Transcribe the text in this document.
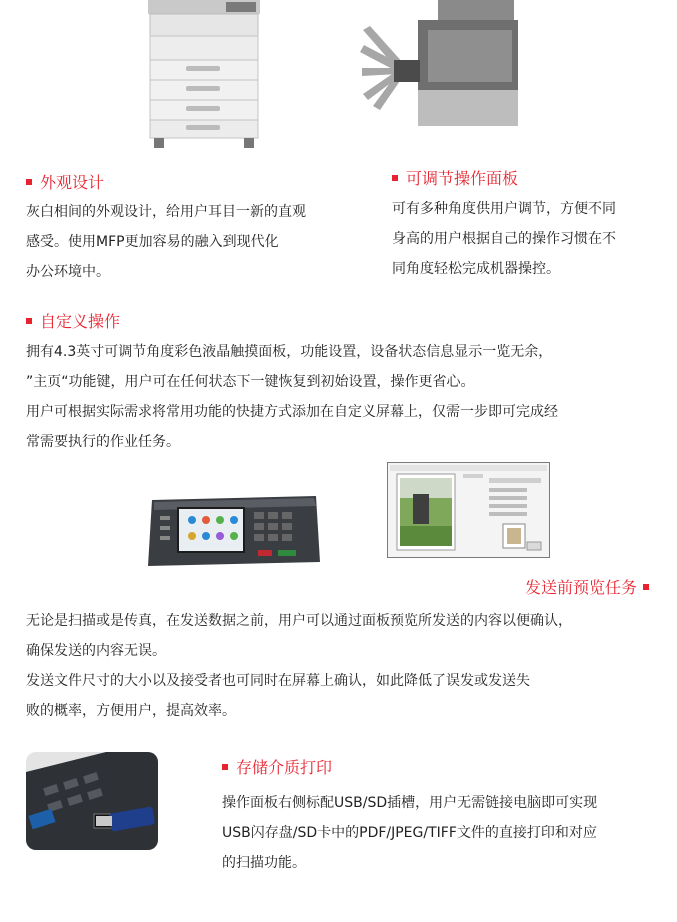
外观设计
灰白相间的外观设计，给用户耳目一新的直观
感受。使用MFP更加容易的融入到现代化
办公环境中。
可调节操作面板
可有多种角度供用户调节，方便不同
身高的用户根据自己的操作习惯在不
同角度轻松完成机器操控。
自定义操作
拥有4.3英寸可调节角度彩色液晶触摸面板，功能设置，设备状态信息显示一览无余，
”主页“功能键，用户可在任何状态下一键恢复到初始设置，操作更省心。
用户可根据实际需求将常用功能的快捷方式添加在自定义屏幕上，仅需一步即可完成经
常需要执行的作业任务。
发送前预览任务
无论是扫描或是传真，在发送数据之前，用户可以通过面板预览所发送的内容以便确认，
确保发送的内容无误。
发送文件尺寸的大小以及接受者也可同时在屏幕上确认，如此降低了误发或发送失
败的概率，方便用户，提高效率。
存储介质打印
操作面板右侧标配USB/SD插槽，用户无需链接电脑即可实现
USB闪存盘/SD卡中的PDF/JPEG/TIFF文件的直接打印和对应
的扫描功能。
